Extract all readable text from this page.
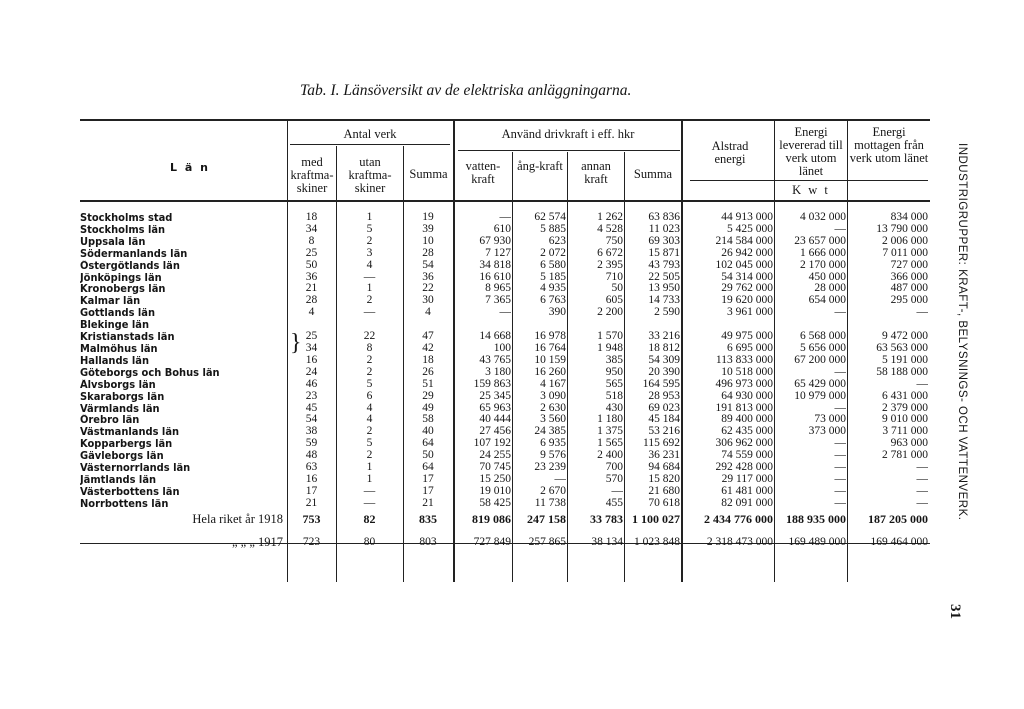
Tab. I. Länsöversikt av de elektriska anläggningarna.
L ä n
Antal verk
med kraftma-skiner
utan kraftma-skiner
Summa
Använd drivkraft i eff. hkr
vatten-kraft
ång-kraft	annan kraft	Summa
Alstrad energi
Energi levererad till verk utom länet
Energi mottagen från verk utom länet
K w t
Stockholms stad	18	1	19	—	62 574	1 262	63 836	44 913 000	4 032 000	834 000
Stockholms län	34	5	39	610	5 885	4 528	11 023	5 425 000	—	13 790 000
Uppsala län	8	2	10	67 930	623	750	69 303	214 584 000	23 657 000	2 006 000
Södermanlands län	25	3	28	7 127	2 072	6 672	15 871	26 942 000	1 666 000	7 011 000
Östergötlands län	50	4	54	34 818	6 580	2 395	43 793	102 045 000	2 170 000	727 000
Jönköpings län	36	—	36	16 610	5 185	710	22 505	54 314 000	450 000	366 000
Kronobergs län	21	1	22	8 965	4 935	50	13 950	29 762 000	28 000	487 000
Kalmar län	28	2	30	7 365	6 763	605	14 733	19 620 000	654 000	295 000
Gottlands län	4	—	4	—	390	2 200	2 590	3 961 000	—	—
Blekinge län										
Kristianstads län	25	22	47	14 668	16 978	1 570	33 216	49 975 000	6 568 000	9 472 000
Malmöhus län	34	8	42	100	16 764	1 948	18 812	6 695 000	5 656 000	63 563 000
Hallands län	16	2	18	43 765	10 159	385	54 309	113 833 000	67 200 000	5 191 000
Göteborgs och Bohus län	24	2	26	3 180	16 260	950	20 390	10 518 000	—	58 188 000
Älvsborgs län	46	5	51	159 863	4 167	565	164 595	496 973 000	65 429 000	—
Skaraborgs län	23	6	29	25 345	3 090	518	28 953	64 930 000	10 979 000	6 431 000
Värmlands län	45	4	49	65 963	2 630	430	69 023	191 813 000	—	2 379 000
Örebro län	54	4	58	40 444	3 560	1 180	45 184	89 400 000	73 000	9 010 000
Västmanlands län	38	2	40	27 456	24 385	1 375	53 216	62 435 000	373 000	3 711 000
Kopparbergs län	59	5	64	107 192	6 935	1 565	115 692	306 962 000	—	963 000
Gävleborgs län	48	2	50	24 255	9 576	2 400	36 231	74 559 000	—	2 781 000
Västernorrlands län	63	1	64	70 745	23 239	700	94 684	292 428 000	—	—
Jämtlands län	16	1	17	15 250	—	570	15 820	29 117 000	—	—
Västerbottens län	17	—	17	19 010	2 670	—	21 680	61 481 000	—	—
Norrbottens län	21	—	21	58 425	11 738	455	70 618	82 091 000	—	—
Hela riket år 1918	753	82	835	819 086	247 158	33 783	1 100 027	2 434 776 000	188 935 000	187 205 000
„ „ „ 1917	723	80	803	727 849	257 865	38 134	1 023 848	2 318 473 000	169 489 000	169 464 000
}	INDUSTRIGRUPPER: KRAFT-, BELYSNINGS- OCH VATTENVERK.
31
